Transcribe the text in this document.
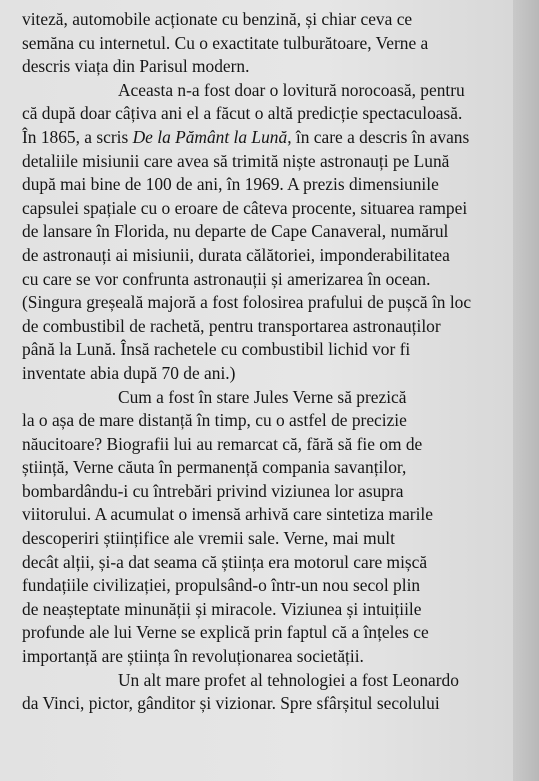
viteză, automobile acționate cu benzină, și chiar ceva ce
semăna cu internetul. Cu o exactitate tulburătoare, Verne a
descris viața din Parisul modern.
Aceasta n-a fost doar o lovitură norocoasă, pentru
că după doar câțiva ani el a făcut o altă predicție spectaculoasă.
În 1865, a scris De la Pământ la Lună, în care a descris în avans
detaliile misiunii care avea să trimită niște astronauți pe Lună
după mai bine de 100 de ani, în 1969. A prezis dimensiunile
capsulei spațiale cu o eroare de câteva procente, situarea rampei
de lansare în Florida, nu departe de Cape Canaveral, numărul
de astronauți ai misiunii, durata călătoriei, imponderabilitatea
cu care se vor confrunta astronauții și amerizarea în ocean.
(Singura greșeală majoră a fost folosirea prafului de pușcă în loc
de combustibil de rachetă, pentru transportarea astronauților
până la Lună. Însă rachetele cu combustibil lichid vor fi
inventate abia după 70 de ani.)
Cum a fost în stare Jules Verne să prezică
la o așa de mare distanță în timp, cu o astfel de precizie
năucitoare? Biografii lui au remarcat că, fără să fie om de
știință, Verne căuta în permanență compania savanților,
bombardându-i cu întrebări privind viziunea lor asupra
viitorului. A acumulat o imensă arhivă care sintetiza marile
descoperiri științifice ale vremii sale. Verne, mai mult
decât alții, și-a dat seama că știința era motorul care mișcă
fundațiile civilizației, propulsând-o într-un nou secol plin
de neașteptate minunății și miracole. Viziunea și intuițiile
profunde ale lui Verne se explică prin faptul că a înțeles ce
importanță are știința în revoluționarea societății.
Un alt mare profet al tehnologiei a fost Leonardo
da Vinci, pictor, gânditor și vizionar. Spre sfârșitul secolului
